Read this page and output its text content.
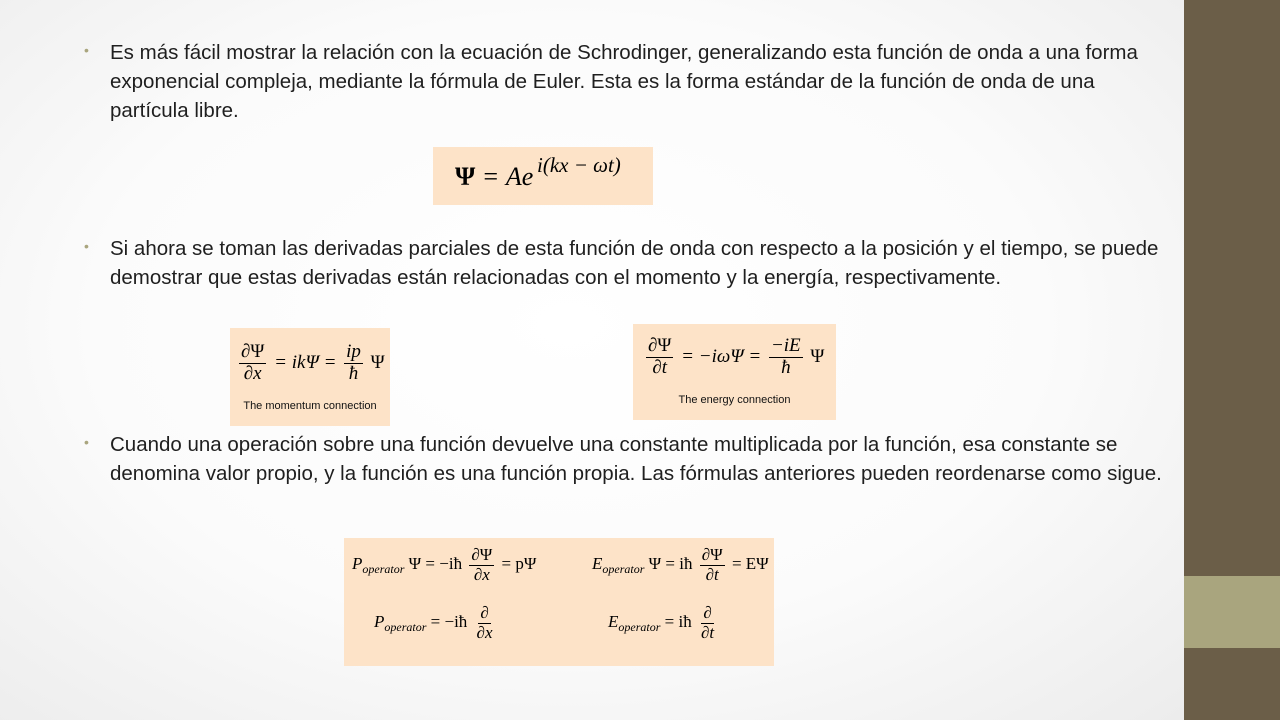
• Es más fácil mostrar la relación con la ecuación de Schrodinger, generalizando esta función de onda a una forma exponencial compleja, mediante la fórmula de Euler. Esta es la forma estándar de la función de onda de una partícula libre.
Ψ = Ae i(kx − ωt)
• Si ahora se toman las derivadas parciales de esta función de onda con respecto a la posición y el tiempo, se puede demostrar que estas derivadas están relacionadas con el momento y la energía, respectivamente.
$\frac{\partial\Psi}{\partial x} = ik\Psi = \frac{ip}{ħ}$ Ψ
The momentum connection
$\frac{\partial\Psi}{\partial t} = -i\omega\Psi = \frac{-iE}{ħ}$ Ψ
The energy connection
• Cuando una operación sobre una función devuelve una constante multiplicada por la función, esa constante se denomina valor propio, y la función es una función propia. Las fórmulas anteriores pueden reordenarse como sigue.
$P_{operator}$ Ψ = −iħ $\frac{\partial\Psi}{\partial x} = p\Psi$	$E_{operator}$ Ψ = iħ $\frac{\partial\Psi}{\partial t} = E\Psi$
$P_{operator}$ = −iħ $\frac{\partial}{\partial x}$	$E_{operator}$ = iħ $\frac{\partial}{\partial t}$
